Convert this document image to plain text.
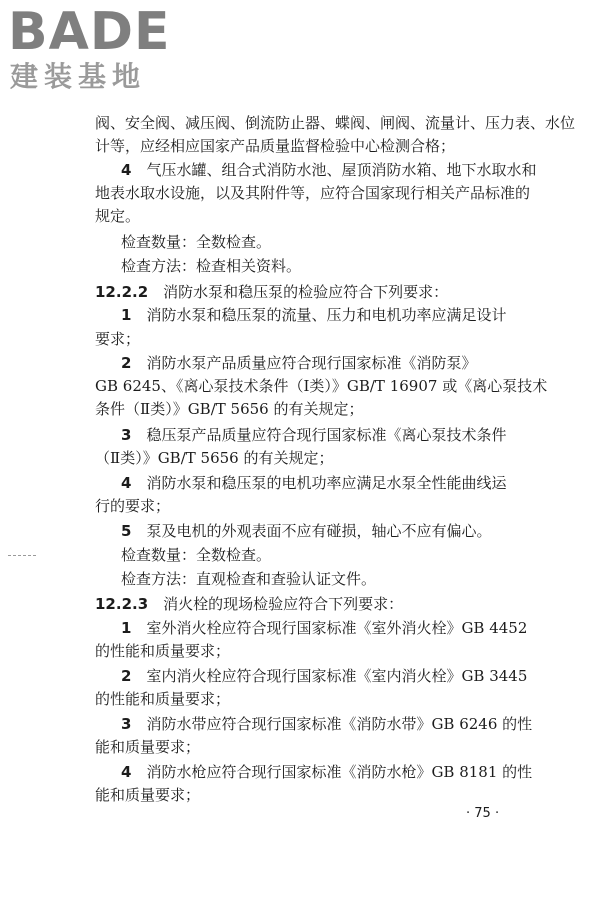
BADE
建装基地

阀、安全阀、减压阀、倒流防止器、蝶阀、闸阀、流量计、压力表、水位

计等，应经相应国家产品质量监督检验中心检测合格；

4  气压水罐、组合式消防水池、屋顶消防水箱、地下水取水和

地表水取水设施，以及其附件等，应符合国家现行相关产品标准的

规定。

检查数量：全数检查。

检查方法：检查相关资料。

12.2.2  消防水泵和稳压泵的检验应符合下列要求：

1  消防水泵和稳压泵的流量、压力和电机功率应满足设计

要求；

2  消防水泵产品质量应符合现行国家标准《消防泵》

GB 6245、《离心泵技术条件（Ⅰ类）》GB/T 16907 或《离心泵技术

条件（Ⅱ类）》GB/T 5656 的有关规定；

3  稳压泵产品质量应符合现行国家标准《离心泵技术条件

（Ⅱ类）》GB/T 5656 的有关规定；

4  消防水泵和稳压泵的电机功率应满足水泵全性能曲线运

行的要求；

5  泵及电机的外观表面不应有碰损，轴心不应有偏心。

检查数量：全数检查。

检查方法：直观检查和查验认证文件。

12.2.3  消火栓的现场检验应符合下列要求：

1  室外消火栓应符合现行国家标准《室外消火栓》GB 4452

的性能和质量要求；

2  室内消火栓应符合现行国家标准《室内消火栓》GB 3445

的性能和质量要求；

3  消防水带应符合现行国家标准《消防水带》GB 6246 的性

能和质量要求；

4  消防水枪应符合现行国家标准《消防水枪》GB 8181 的性

能和质量要求；

· 75 ·
